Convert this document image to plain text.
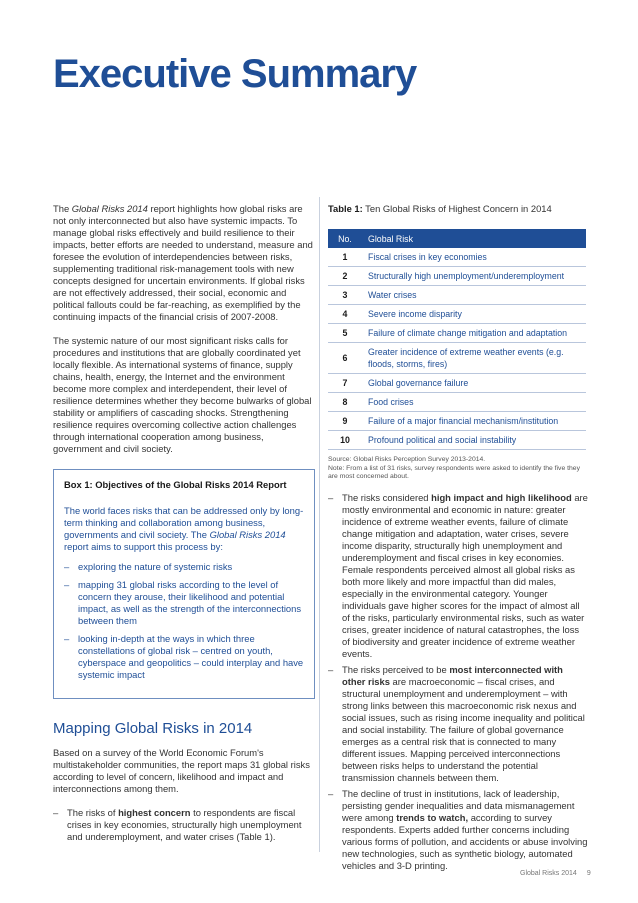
Executive Summary

The Global Risks 2014 report highlights how global risks are not only interconnected but also have systemic impacts. To manage global risks effectively and build resilience to their impacts, better efforts are needed to understand, measure and foresee the evolution of interdependencies between risks, supplementing traditional risk-management tools with new concepts designed for uncertain environments. If global risks are not effectively addressed, their social, economic and political fallouts could be far-reaching, as exemplified by the continuing impacts of the financial crisis of 2007-2008.

The systemic nature of our most significant risks calls for procedures and institutions that are globally coordinated yet locally flexible. As international systems of finance, supply chains, health, energy, the Internet and the environment become more complex and interdependent, their level of resilience determines whether they become bulwarks of global stability or amplifiers of cascading shocks. Strengthening resilience requires overcoming collective action challenges through international cooperation among business, government and civil society.

Box 1: Objectives of the Global Risks 2014 Report

The world faces risks that can be addressed only by long-term thinking and collaboration among business, governments and civil society. The Global Risks 2014 report aims to support this process by:

– exploring the nature of systemic risks
– mapping 31 global risks according to the level of concern they arouse, their likelihood and potential impact, as well as the strength of the interconnections between them
– looking in-depth at the ways in which three constellations of global risk – centred on youth, cyberspace and geopolitics – could interplay and have systemic impact
Mapping Global Risks in 2014

Based on a survey of the World Economic Forum's multistakeholder communities, the report maps 31 global risks according to level of concern, likelihood and impact and interconnections among them.

– The risks of highest concern to respondents are fiscal crises in key economies, structurally high unemployment and underemployment, and water crises (Table 1).
Table 1: Ten Global Risks of Highest Concern in 2014
No.	Global Risk
1	Fiscal crises in key economies
2	Structurally high unemployment/underemployment
3	Water crises
4	Severe income disparity
5	Failure of climate change mitigation and adaptation
6	Greater incidence of extreme weather events (e.g. floods, storms, fires)
7	Global governance failure
8	Food crises
9	Failure of a major financial mechanism/institution
10	Profound political and social instability
Source: Global Risks Perception Survey 2013-2014.
Note: From a list of 31 risks, survey respondents were asked to identify the five they are most concerned about.
– The risks considered high impact and high likelihood are mostly environmental and economic in nature: greater incidence of extreme weather events, failure of climate change mitigation and adaptation, water crises, severe income disparity, structurally high unemployment and underemployment and fiscal crises in key economies. Female respondents perceived almost all global risks as both more likely and more impactful than did males, especially in the environmental category. Younger individuals gave higher scores for the impact of almost all of the risks, particularly environmental risks, such as water crises, greater incidence of natural catastrophes, the loss of biodiversity and greater incidence of extreme weather events.
– The risks perceived to be most interconnected with other risks are macroeconomic – fiscal crises, and structural unemployment and underemployment – with strong links between this macroeconomic risk nexus and social issues, such as rising income inequality and political and social instability. The failure of global governance emerges as a central risk that is connected to many different issues. Mapping perceived interconnections between risks helps to understand the potential transmission channels between them.
– The decline of trust in institutions, lack of leadership, persisting gender inequalities and data mismanagement were among trends to watch, according to survey respondents. Experts added further concerns including various forms of pollution, and accidents or abuse involving new technologies, such as synthetic biology, automated vehicles and 3-D printing.
Global Risks 2014 9
